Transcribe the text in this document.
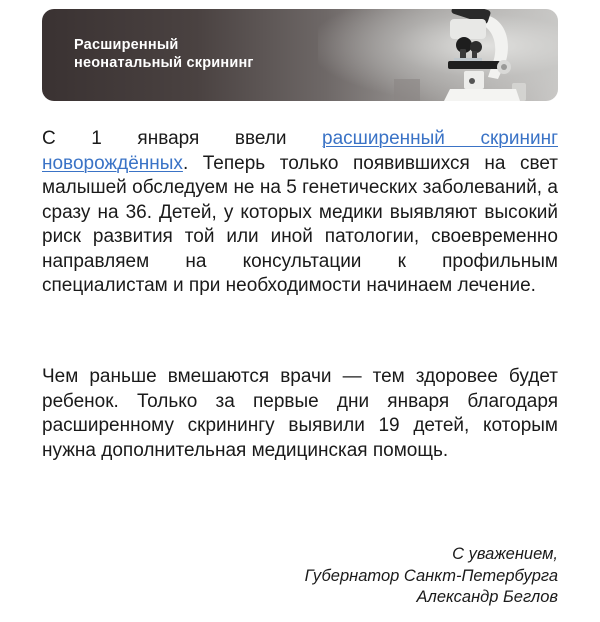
Расширенный
неонатальный скрининг

С 1 января ввели расширенный скрининг новорождённых. Теперь только появившихся на свет малышей обследуем не на 5 генетических заболеваний, а сразу на 36. Детей, у которых медики выявляют высокий риск развития той или иной патологии, своевременно направляем на консультации к профильным специалистам и при необходимости начинаем лечение.

Чем раньше вмешаются врачи — тем здоровее будет ребенок. Только за первые дни января благодаря расширенному скринингу выявили 19 детей, которым нужна дополнительная медицинская помощь.

С уважением,
Губернатор Санкт-Петербурга
Александр Беглов
